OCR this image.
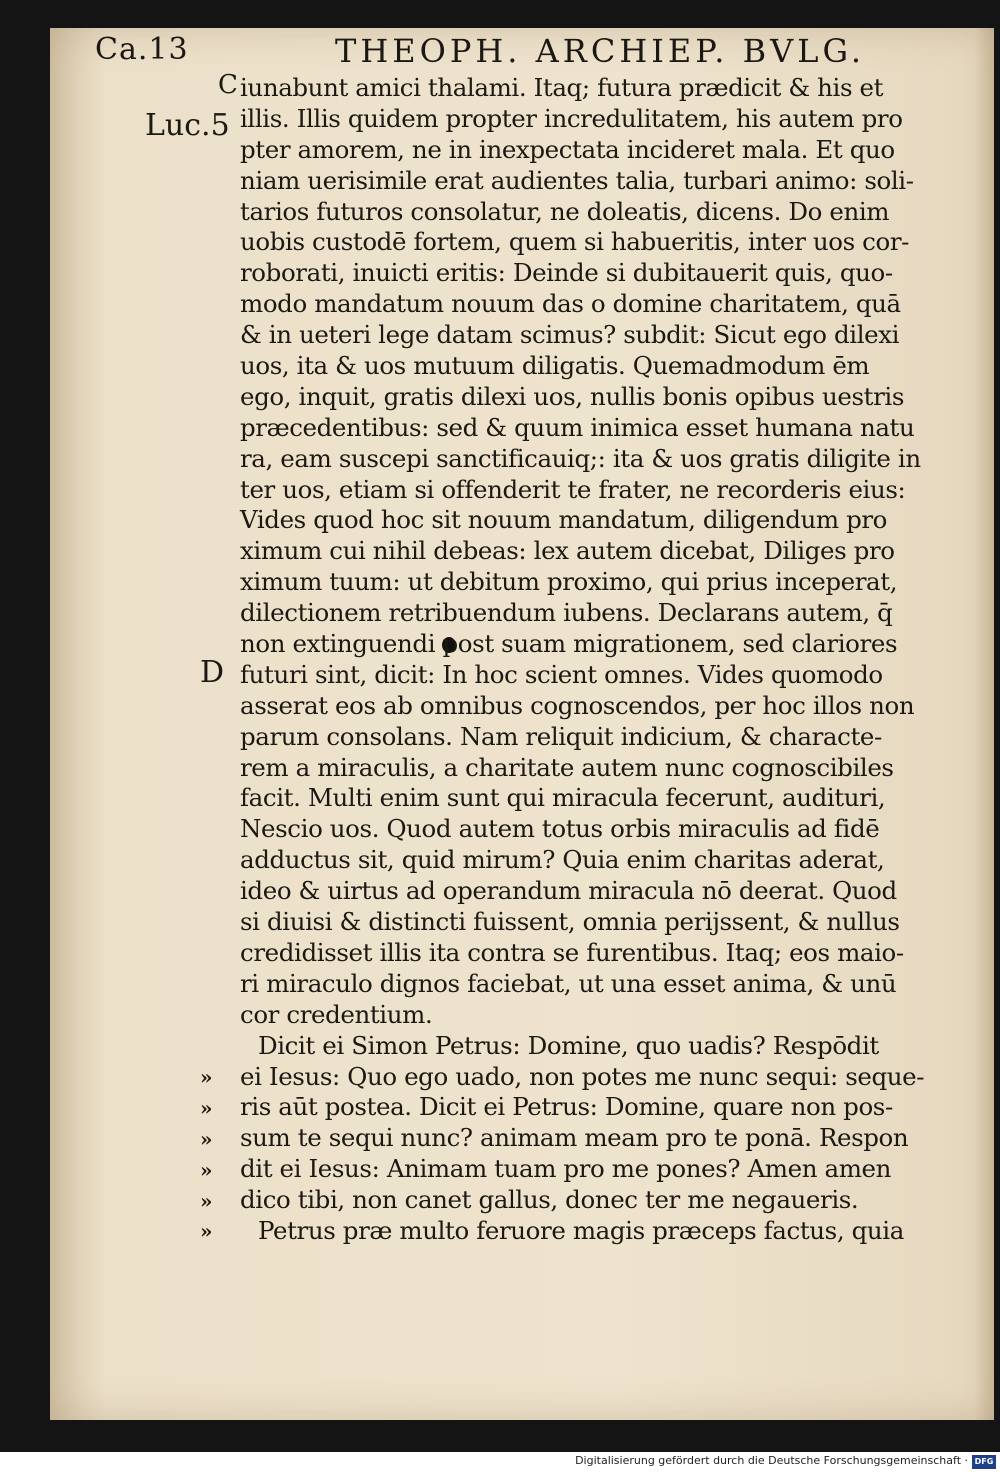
Ca.13	THEOPH. ARCHIEP. BVLG.
C
Luc.5
D
iunabunt amici thalami. Itaq; futura prædicit & his et
illis. Illis quidem propter incredulitatem, his autem pro
pter amorem, ne in inexpectata incideret mala. Et quo
niam uerisimile erat audientes talia, turbari animo: soli-
tarios futuros consolatur, ne doleatis, dicens. Do enim
uobis custodē fortem, quem si habueritis, inter uos cor-
roborati, inuicti eritis: Deinde si dubitauerit quis, quo-
modo mandatum nouum das o domine charitatem, quā
& in ueteri lege datam scimus? subdit: Sicut ego dilexi
uos, ita & uos mutuum diligatis. Quemadmodum ēm
ego, inquit, gratis dilexi uos, nullis bonis opibus uestris
præcedentibus: sed & quum inimica esset humana natu
ra, eam suscepi sanctificauiq;: ita & uos gratis diligite in
ter uos, etiam si offenderit te frater, ne recorderis eius:
Vides quod hoc sit nouum mandatum, diligendum pro
ximum cui nihil debeas: lex autem dicebat, Diliges pro
ximum tuum: ut debitum proximo, qui prius inceperat,
dilectionem retribuendum iubens. Declarans autem, q̄
non extinguendi post suam migrationem, sed clariores
futuri sint, dicit: In hoc scient omnes. Vides quomodo
asserat eos ab omnibus cognoscendos, per hoc illos non
parum consolans. Nam reliquit indicium, & characte-
rem a miraculis, a charitate autem nunc cognoscibiles
facit. Multi enim sunt qui miracula fecerunt, audituri,
Nescio uos. Quod autem totus orbis miraculis ad fidē
adductus sit, quid mirum? Quia enim charitas aderat,
ideo & uirtus ad operandum miracula nō deerat. Quod
si diuisi & distincti fuissent, omnia perijssent, & nullus
credidisset illis ita contra se furentibus. Itaq; eos maio-
ri miraculo dignos faciebat, ut una esset anima, & unū
cor credentium.
Dicit ei Simon Petrus: Domine, quo uadis? Respōdit
ei Iesus: Quo ego uado, non potes me nunc sequi: seque-
ris aūt postea. Dicit ei Petrus: Domine, quare non pos-
sum te sequi nunc? animam meam pro te ponā. Respon
dit ei Iesus: Animam tuam pro me pones? Amen amen
dico tibi, non canet gallus, donec ter me negaueris.
Petrus præ multo feruore magis præceps factus, quia
»
»
»
»
»
»
Digitalisierung gefördert durch die Deutsche Forschungsgemeinschaft · DFG
